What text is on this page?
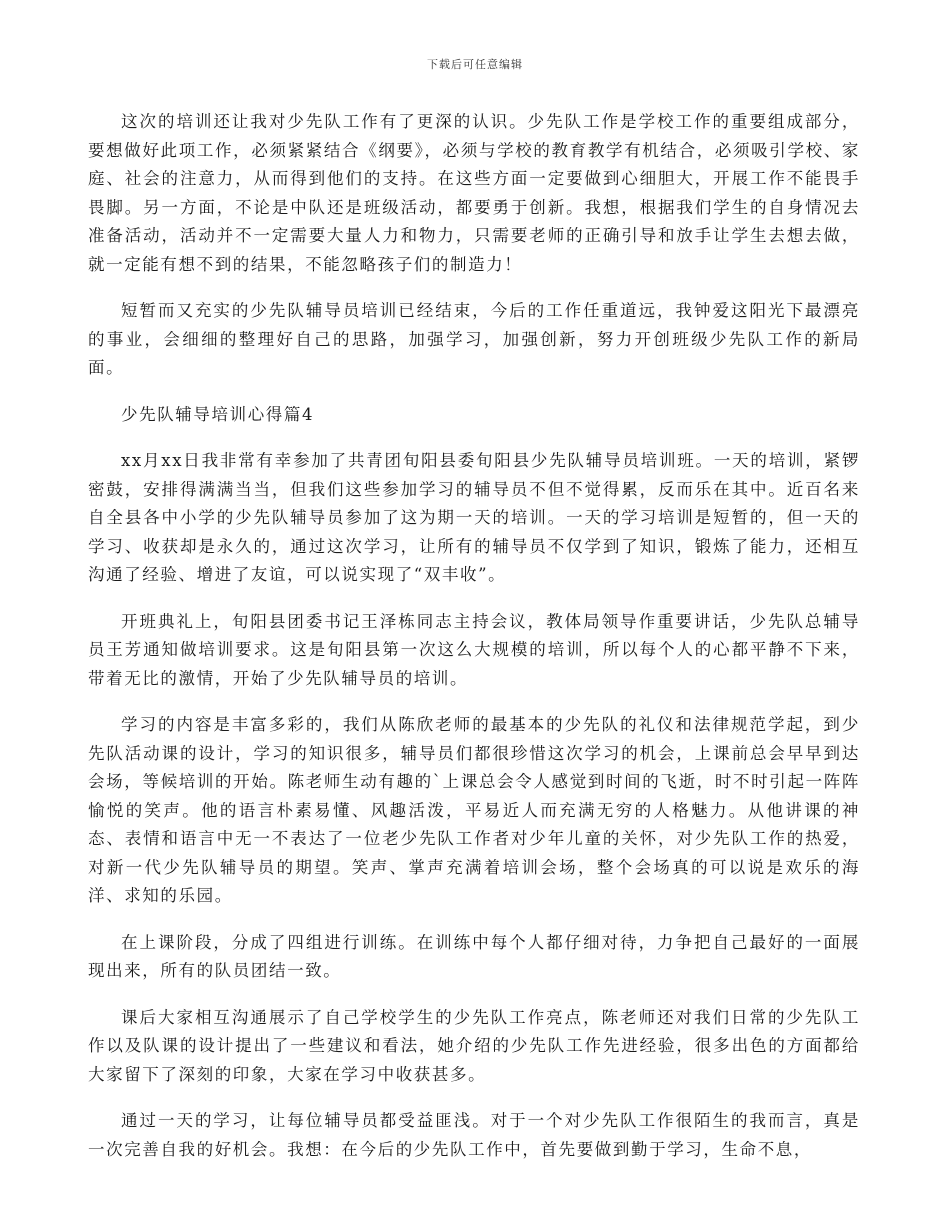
下载后可任意编辑

这次的培训还让我对少先队工作有了更深的认识。少先队工作是学校工作的重要组成部分，要想做好此项工作，必须紧紧结合《纲要》，必须与学校的教育教学有机结合，必须吸引学校、家庭、社会的注意力，从而得到他们的支持。在这些方面一定要做到心细胆大，开展工作不能畏手畏脚。另一方面，不论是中队还是班级活动，都要勇于创新。我想，根据我们学生的自身情况去准备活动，活动并不一定需要大量人力和物力，只需要老师的正确引导和放手让学生去想去做，就一定能有想不到的结果，不能忽略孩子们的制造力！

短暂而又充实的少先队辅导员培训已经结束，今后的工作任重道远，我钟爱这阳光下最漂亮的事业，会细细的整理好自己的思路，加强学习，加强创新，努力开创班级少先队工作的新局面。

少先队辅导培训心得篇4

xx月xx日我非常有幸参加了共青团旬阳县委旬阳县少先队辅导员培训班。一天的培训，紧锣密鼓，安排得满满当当，但我们这些参加学习的辅导员不但不觉得累，反而乐在其中。近百名来自全县各中小学的少先队辅导员参加了这为期一天的培训。一天的学习培训是短暂的，但一天的学习、收获却是永久的，通过这次学习，让所有的辅导员不仅学到了知识，锻炼了能力，还相互沟通了经验、增进了友谊，可以说实现了“双丰收”。

开班典礼上，旬阳县团委书记王泽栋同志主持会议，教体局领导作重要讲话，少先队总辅导员王芳通知做培训要求。这是旬阳县第一次这么大规模的培训，所以每个人的心都平静不下来，带着无比的激情，开始了少先队辅导员的培训。

学习的内容是丰富多彩的，我们从陈欣老师的最基本的少先队的礼仪和法律规范学起，到少先队活动课的设计，学习的知识很多，辅导员们都很珍惜这次学习的机会，上课前总会早早到达会场，等候培训的开始。陈老师生动有趣的`上课总会令人感觉到时间的飞逝，时不时引起一阵阵愉悦的笑声。他的语言朴素易懂、风趣活泼，平易近人而充满无穷的人格魅力。从他讲课的神态、表情和语言中无一不表达了一位老少先队工作者对少年儿童的关怀，对少先队工作的热爱，对新一代少先队辅导员的期望。笑声、掌声充满着培训会场，整个会场真的可以说是欢乐的海洋、求知的乐园。

在上课阶段，分成了四组进行训练。在训练中每个人都仔细对待，力争把自己最好的一面展现出来，所有的队员团结一致。

课后大家相互沟通展示了自己学校学生的少先队工作亮点，陈老师还对我们日常的少先队工作以及队课的设计提出了一些建议和看法，她介绍的少先队工作先进经验，很多出色的方面都给大家留下了深刻的印象，大家在学习中收获甚多。

通过一天的学习，让每位辅导员都受益匪浅。对于一个对少先队工作很陌生的我而言，真是一次完善自我的好机会。我想：在今后的少先队工作中，首先要做到勤于学习，生命不息，
